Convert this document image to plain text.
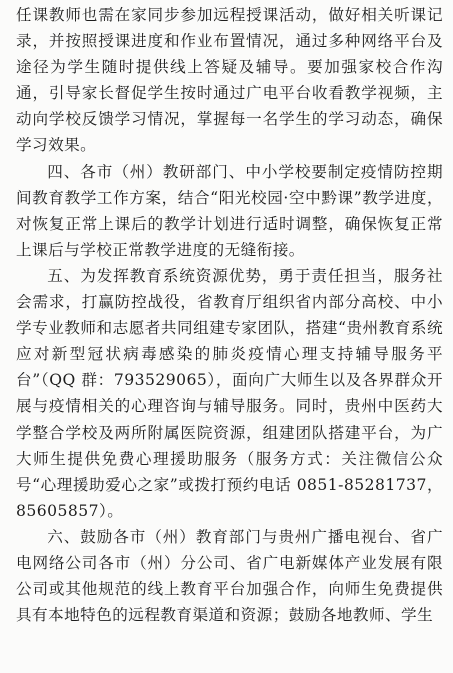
任课教师也需在家同步参加远程授课活动，做好相关听课记录，并按照授课进度和作业布置情况，通过多种网络平台及途径为学生随时提供线上答疑及辅导。要加强家校合作沟通，引导家长督促学生按时通过广电平台收看教学视频，主动向学校反馈学习情况，掌握每一名学生的学习动态，确保学习效果。

四、各市（州）教研部门、中小学校要制定疫情防控期间教育教学工作方案，结合“阳光校园·空中黔课”教学进度，对恢复正常上课后的教学计划进行适时调整，确保恢复正常上课后与学校正常教学进度的无缝衔接。

五、为发挥教育系统资源优势，勇于责任担当，服务社会需求，打赢防控战役，省教育厅组织省内部分高校、中小学专业教师和志愿者共同组建专家团队，搭建“贵州教育系统应对新型冠状病毒感染的肺炎疫情心理支持辅导服务平台”（QQ 群：793529065），面向广大师生以及各界群众开展与疫情相关的心理咨询与辅导服务。同时，贵州中医药大学整合学校及两所附属医院资源，组建团队搭建平台，为广大师生提供免费心理援助服务（服务方式：关注微信公众号“心理援助爱心之家”或拨打预约电话 0851-85281737，85605857）。

六、鼓励各市（州）教育部门与贵州广播电视台、省广电网络公司各市（州）分公司、省广电新媒体产业发展有限公司或其他规范的线上教育平台加强合作，向师生免费提供具有本地特色的远程教育渠道和资源；鼓励各地教师、学生
